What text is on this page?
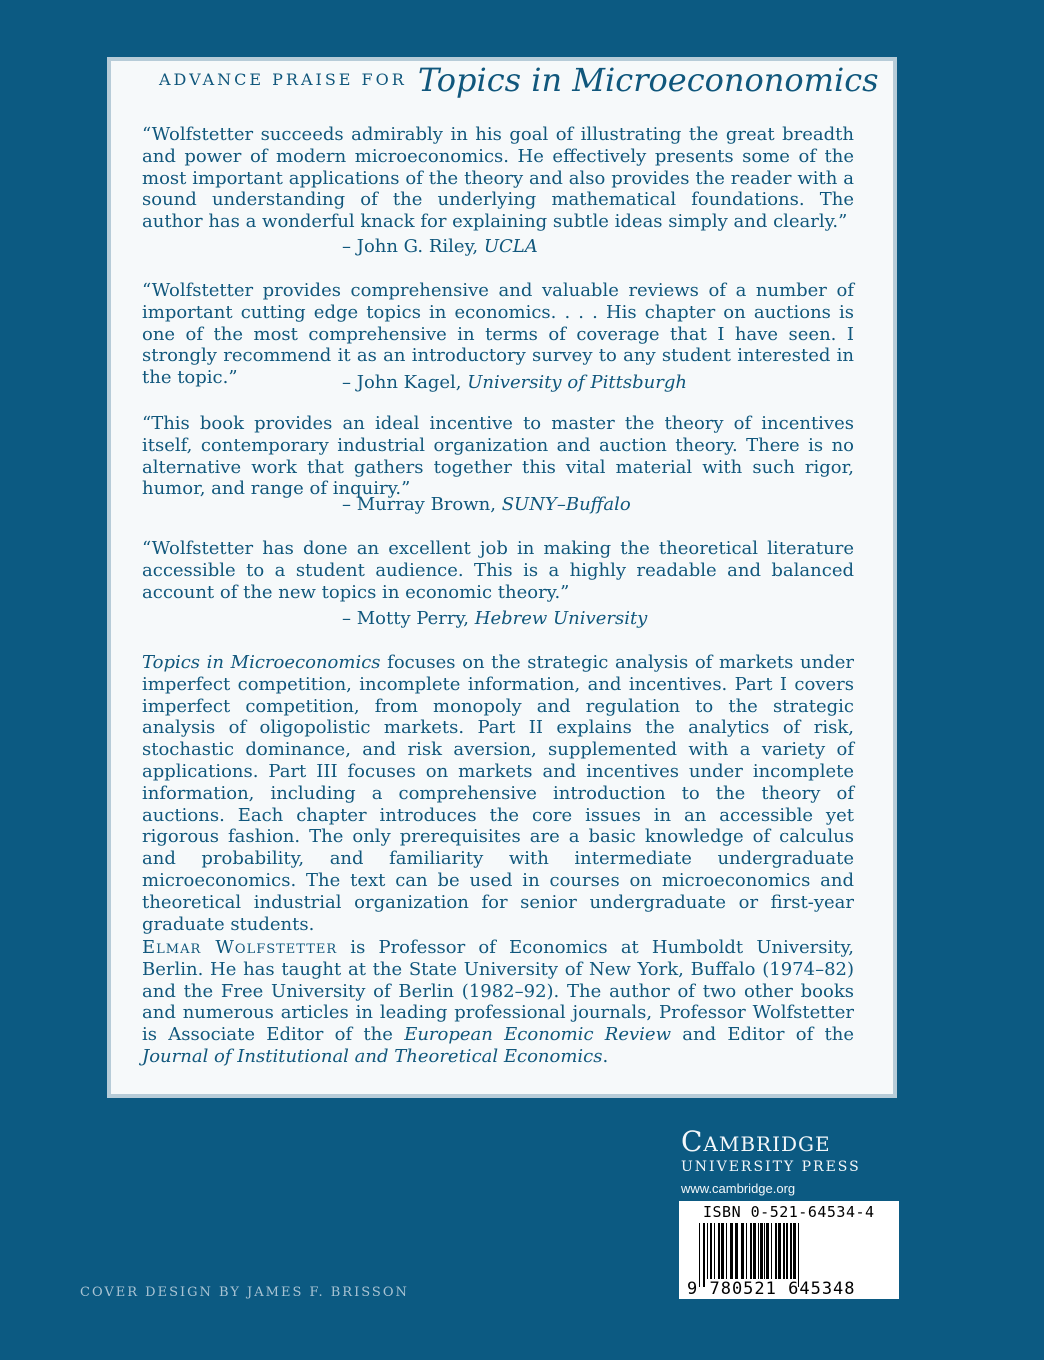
ADVANCE PRAISE FOR Topics in Microecononomics

“Wolfstetter succeeds admirably in his goal of illustrating the great breadth and power of modern microeconomics. He effectively presents some of the most important applications of the theory and also provides the reader with a sound understanding of the underlying mathematical foundations. The author has a wonderful knack for explaining subtle ideas simply and clearly.”

– John G. Riley, UCLA

“Wolfstetter provides comprehensive and valuable reviews of a number of important cutting edge topics in economics. . . . His chapter on auctions is one of the most comprehensive in terms of coverage that I have seen. I strongly recommend it as an introductory survey to any student interested in the topic.”	– John Kagel, University of Pittsburgh

“This book provides an ideal incentive to master the theory of incentives itself, contemporary industrial organization and auction theory. There is no alternative work that gathers together this vital material with such rigor, humor, and range of inquiry.”

– Murray Brown, SUNY–Buffalo

“Wolfstetter has done an excellent job in making the theoretical literature accessible to a student audience. This is a highly readable and balanced account of the new topics in economic theory.”

– Motty Perry, Hebrew University

Topics in Microeconomics focuses on the strategic analysis of markets under imperfect competition, incomplete information, and incentives. Part I covers imperfect competition, from monopoly and regulation to the strategic analysis of oligopolistic markets. Part II explains the analytics of risk, stochastic dominance, and risk aversion, supplemented with a variety of applications. Part III focuses on markets and incentives under incomplete information, including a comprehensive introduction to the theory of auctions. Each chapter introduces the core issues in an accessible yet rigorous fashion. The only prerequisites are a basic knowledge of calculus and probability, and familiarity with intermediate undergraduate microeconomics. The text can be used in courses on microeconomics and theoretical industrial organization for senior undergraduate or first-year graduate students.

Elmar Wolfstetter is Professor of Economics at Humboldt University, Berlin. He has taught at the State University of New York, Buffalo (1974–82) and the Free University of Berlin (1982–92). The author of two other books and numerous articles in leading professional journals, Professor Wolfstetter is Associate Editor of the European Economic Review and Editor of the Journal of Institutional and Theoretical Economics.

Cambridge
UNIVERSITY PRESS
www.cambridge.org
ISBN 0-521-64534-4
9 780521 645348
COVER DESIGN BY JAMES F. BRISSON
